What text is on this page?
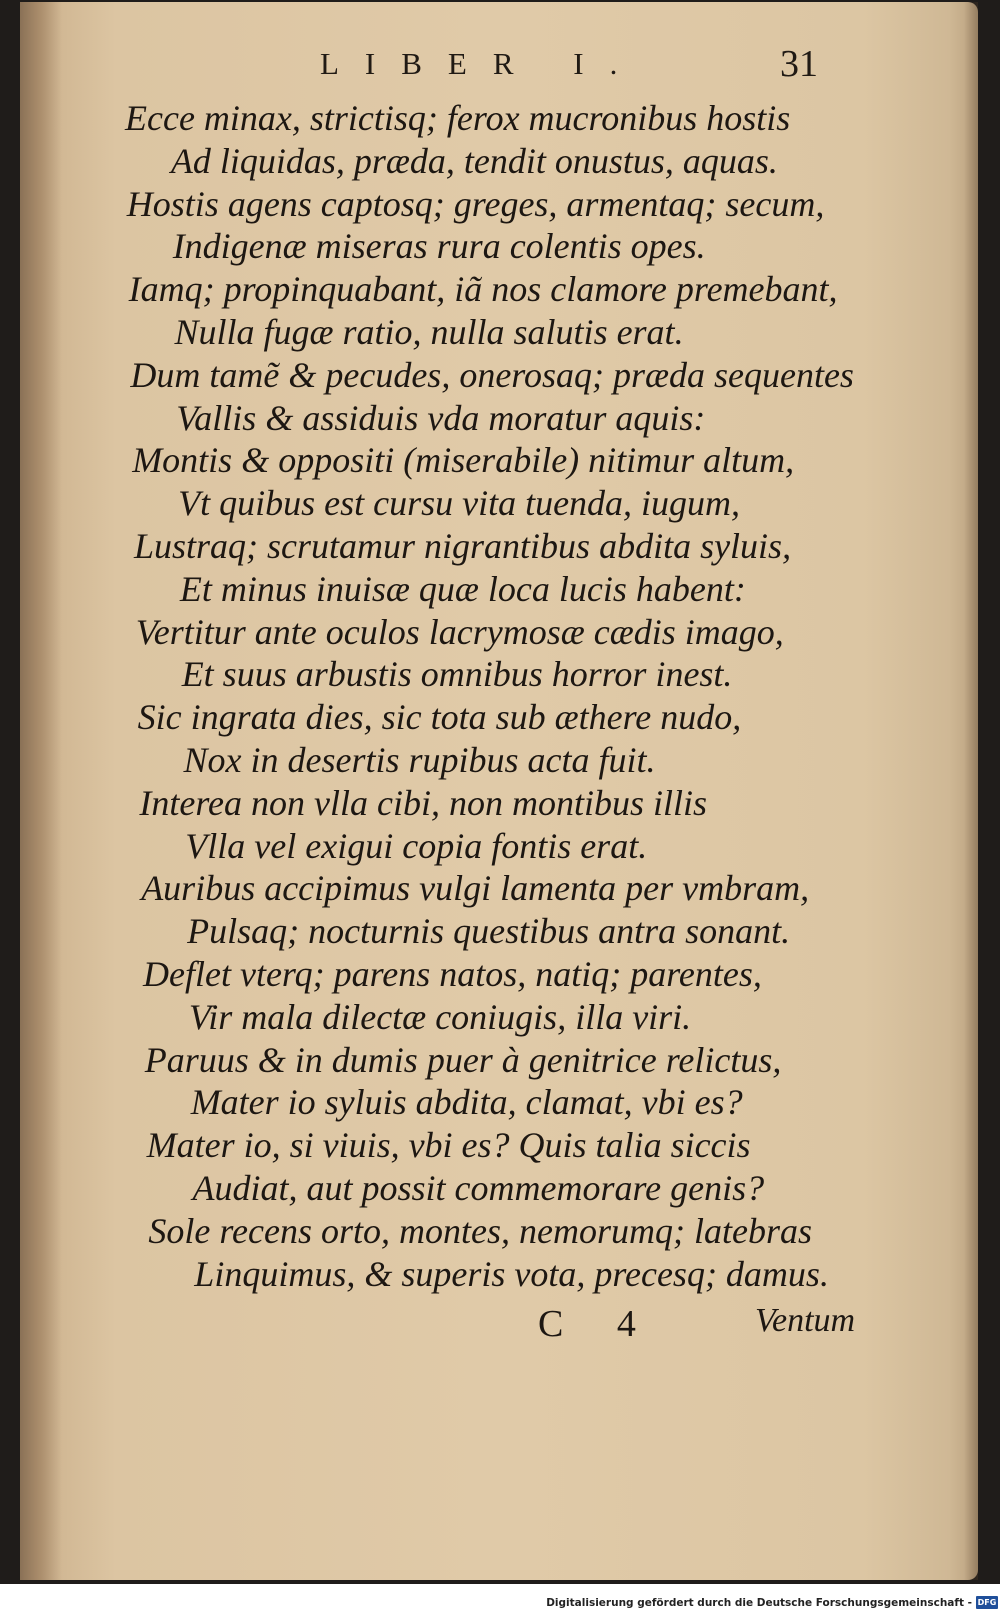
LIBER I.	31
Ecce minax, strictisq; ferox mucronibus hostis
Ad liquidas, præda, tendit onustus, aquas.
Hostis agens captosq; greges, armentaq; secum,
Indigenæ miseras rura colentis opes.
Iamq; propinquabant, iã nos clamore premebant,
Nulla fugæ ratio, nulla salutis erat.
Dum tamẽ & pecudes, onerosaq; præda sequentes
Vallis & assiduis vda moratur aquis:
Montis & oppositi (miserabile) nitimur altum,
Vt quibus est cursu vita tuenda, iugum,
Lustraq; scrutamur nigrantibus abdita syluis,
Et minus inuisæ quæ loca lucis habent:
Vertitur ante oculos lacrymosæ cædis imago,
Et suus arbustis omnibus horror inest.
Sic ingrata dies, sic tota sub æthere nudo,
Nox in desertis rupibus acta fuit.
Interea non vlla cibi, non montibus illis
Vlla vel exigui copia fontis erat.
Auribus accipimus vulgi lamenta per vmbram,
Pulsaq; nocturnis questibus antra sonant.
Deflet vterq; parens natos, natiq; parentes,
Vir mala dilectæ coniugis, illa viri.
Paruus & in dumis puer à genitrice relictus,
Mater io syluis abdita, clamat, vbi es?
Mater io, si viuis, vbi es? Quis talia siccis
Audiat, aut possit commemorare genis?
Sole recens orto, montes, nemorumq; latebras
Linquimus, & superis vota, precesq; damus.
C 4	Ventum
Digitalisierung gefördert durch die Deutsche Forschungsgemeinschaft - DFG
